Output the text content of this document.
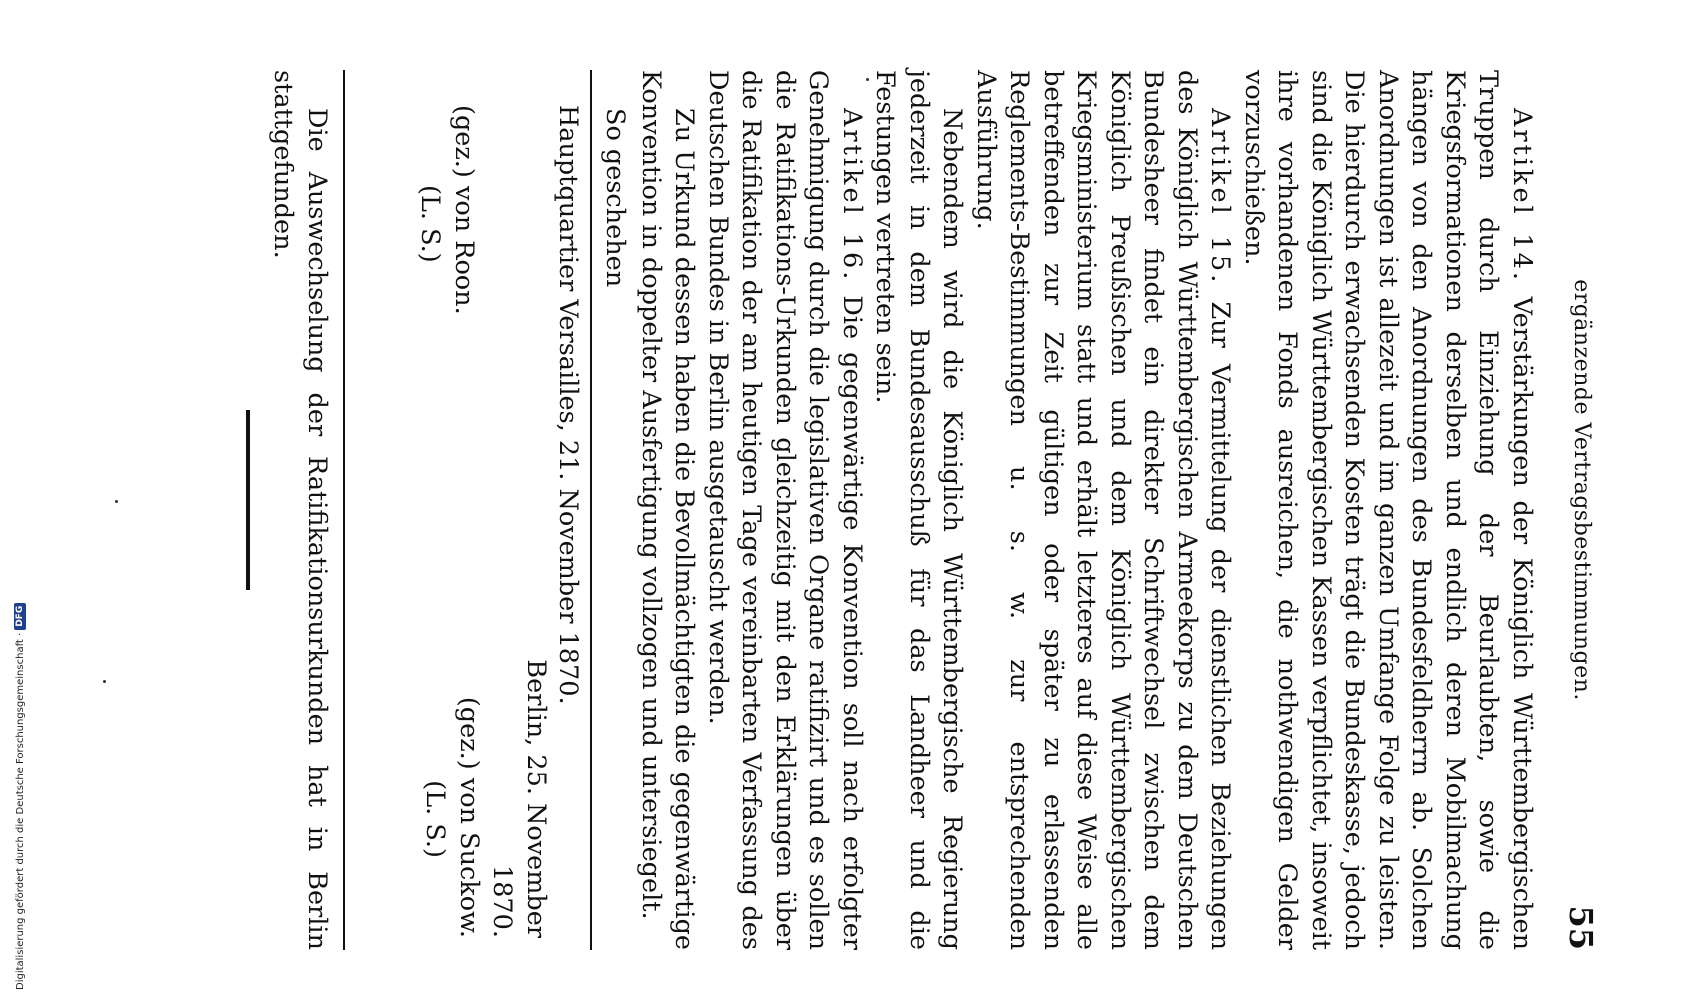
ergänzende Vertragsbestimmungen.
55

Artikel 14. Verstärkungen der Königlich Württembergischen Truppen durch Einziehung der Beurlaubten, sowie die Kriegsformationen derselben und endlich deren Mobilmachung hängen von den Anordnungen des Bundesfeldherrn ab. Solchen Anordnungen ist allezeit und im ganzen Umfange Folge zu leisten. Die hierdurch erwachsenden Kosten trägt die Bundeskasse, jedoch sind die Königlich Württembergischen Kassen verpflichtet, insoweit ihre vorhandenen Fonds ausreichen, die nothwendigen Gelder vorzuschießen.

Artikel 15. Zur Vermittelung der dienstlichen Beziehungen des Königlich Württembergischen Armeekorps zu dem Deutschen Bundesheer findet ein direkter Schriftwechsel zwischen dem Königlich Preußischen und dem Königlich Württembergischen Kriegsministerium statt und erhält letzteres auf diese Weise alle betreffenden zur Zeit gültigen oder später zu erlassenden Reglements-Bestimmungen u. s. w. zur entsprechenden Ausführung.

Nebendem wird die Königlich Württembergische Regierung jederzeit in dem Bundesausschuß für das Landheer und die Festungen vertreten sein.

Artikel 16. Die gegenwärtige Konvention soll nach erfolgter Genehmigung durch die legislativen Organe ratifizirt und es sollen die Ratifikations-Urkunden gleichzeitig mit den Erklärungen über die Ratifikation der am heutigen Tage vereinbarten Verfassung des Deutschen Bundes in Berlin ausgetauscht werden.

Zu Urkund dessen haben die Bevollmächtigten die gegenwärtige Konvention in doppelter Ausfertigung vollzogen und untersiegelt.

So geschehen

Hauptquartier Versailles, 21. November 1870.
Berlin, 25. November 1870.
(gez.) von Suckow.
(L. S.)
(gez.) von Roon.
(L. S.)

Die Auswechselung der Ratifikationsurkunden hat in Berlin stattgefunden.

Digitalisierung gefördert durch die Deutsche Forschungsgemeinschaft ·
DFG
